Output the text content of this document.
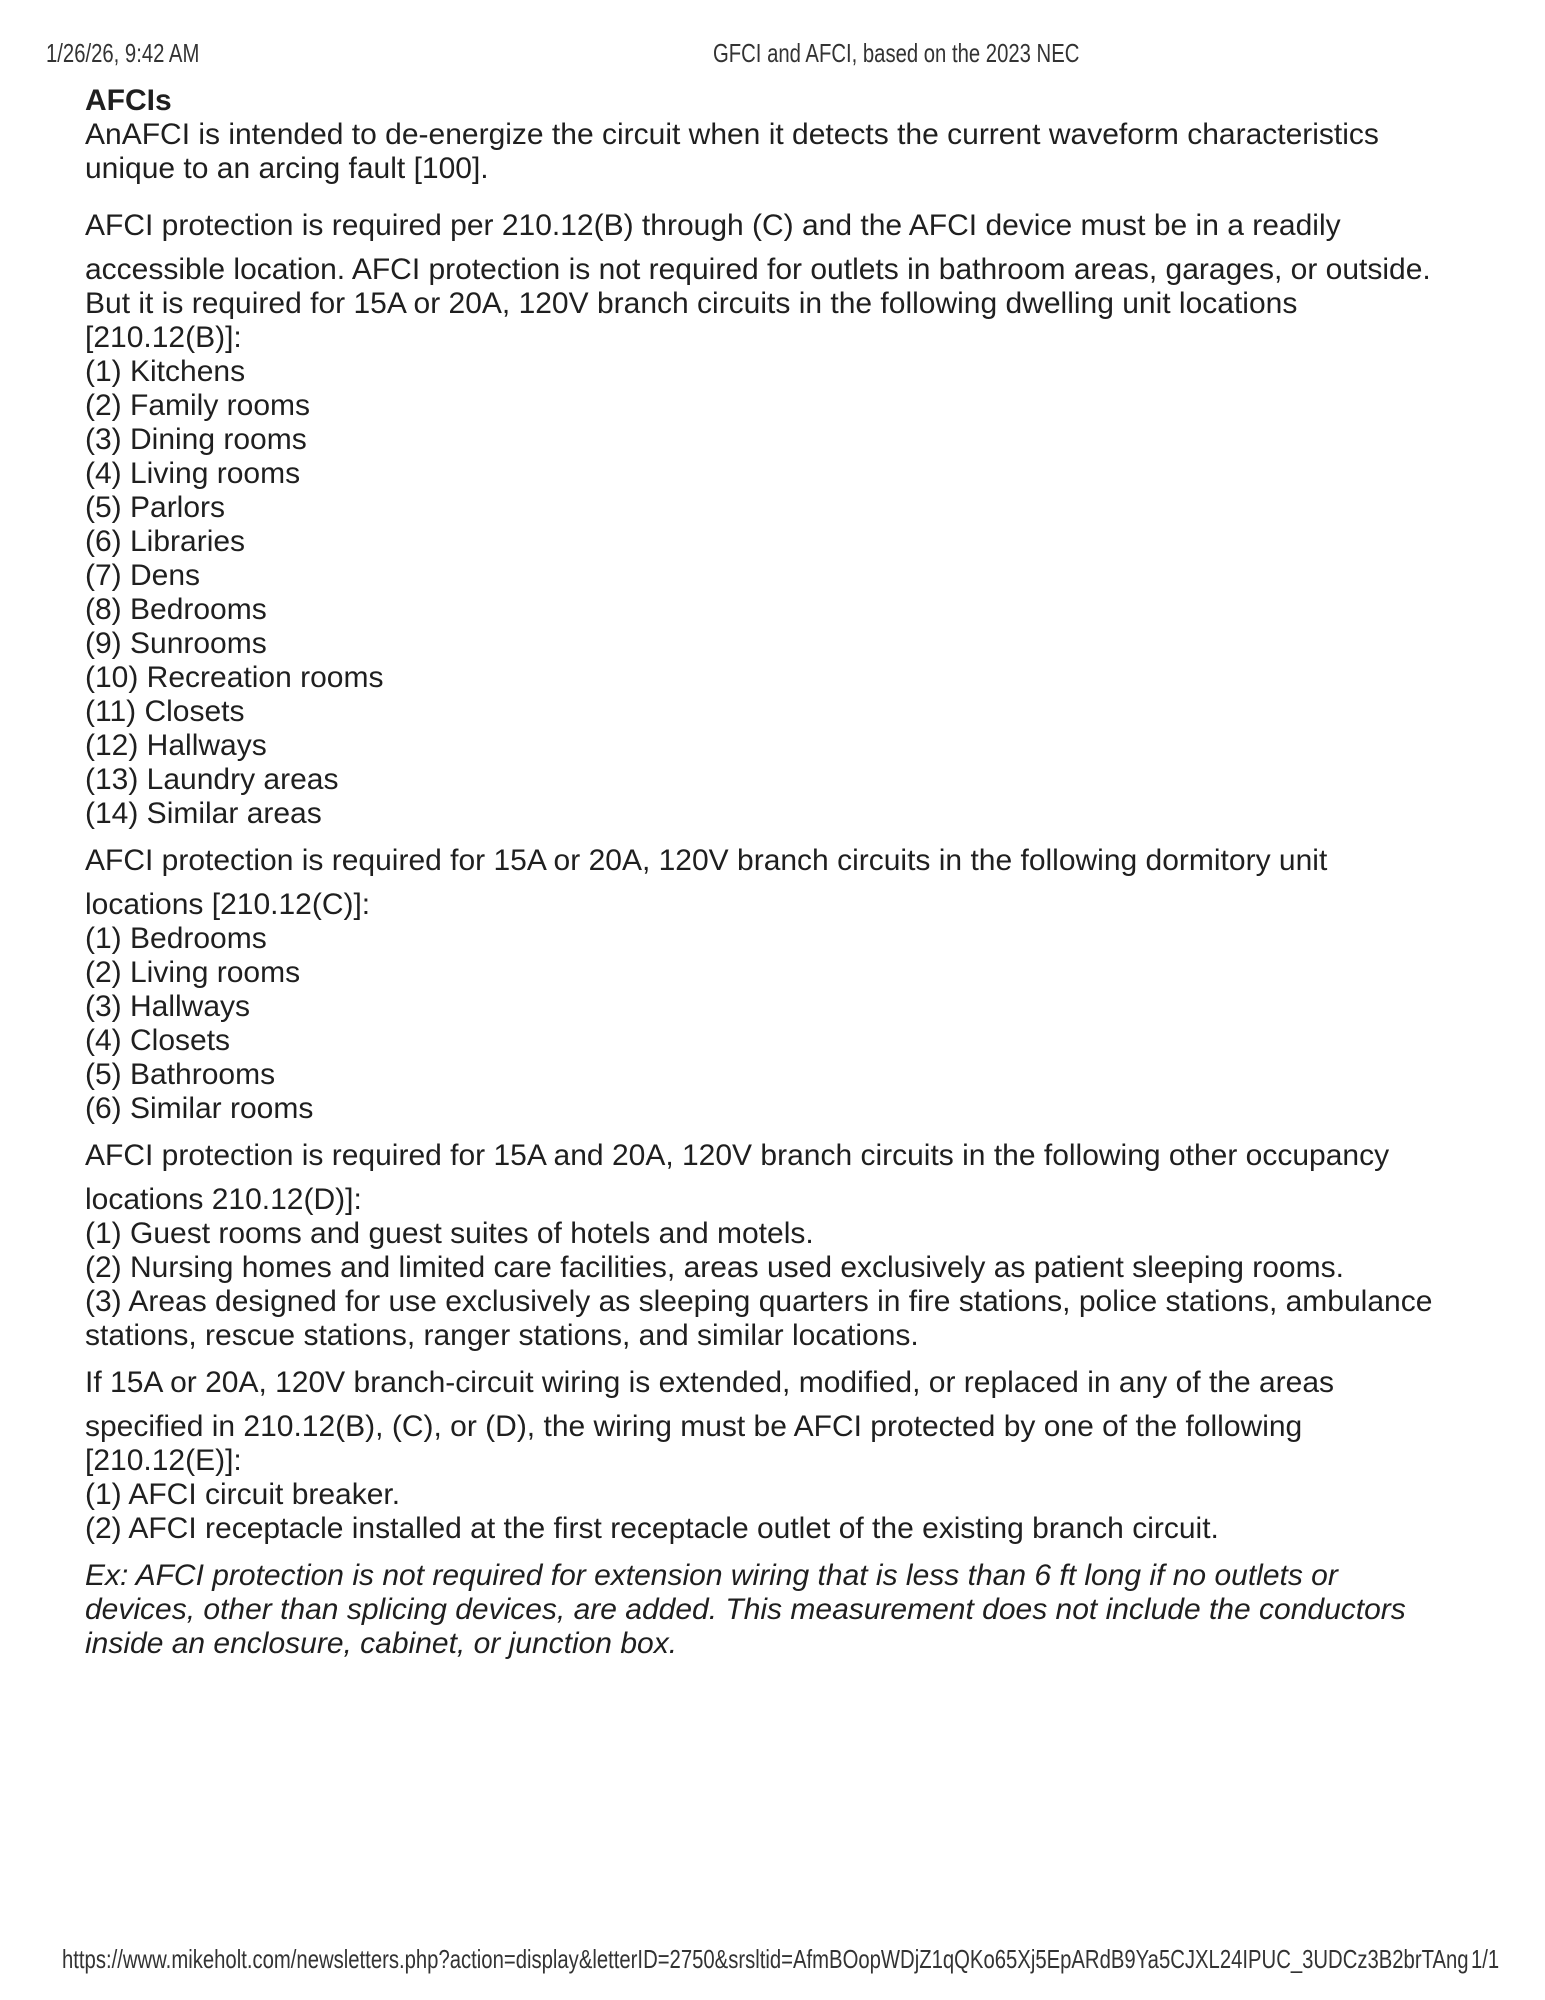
1/26/26, 9:42 AM	GFCI and AFCI, based on the 2023 NEC
AFCIs
AnAFCI is intended to de-energize the circuit when it detects the current waveform characteristics
unique to an arcing fault [100].
AFCI protection is required per 210.12(B) through (C) and the AFCI device must be in a readily
accessible location. AFCI protection is not required for outlets in bathroom areas, garages, or outside.
But it is required for 15A or 20A, 120V branch circuits in the following dwelling unit locations
[210.12(B)]:
(1) Kitchens
(2) Family rooms
(3) Dining rooms
(4) Living rooms
(5) Parlors
(6) Libraries
(7) Dens
(8) Bedrooms
(9) Sunrooms
(10) Recreation rooms
(11) Closets
(12) Hallways
(13) Laundry areas
(14) Similar areas
AFCI protection is required for 15A or 20A, 120V branch circuits in the following dormitory unit
locations [210.12(C)]:
(1) Bedrooms
(2) Living rooms
(3) Hallways
(4) Closets
(5) Bathrooms
(6) Similar rooms
AFCI protection is required for 15A and 20A, 120V branch circuits in the following other occupancy
locations 210.12(D)]:
(1) Guest rooms and guest suites of hotels and motels.
(2) Nursing homes and limited care facilities, areas used exclusively as patient sleeping rooms.
(3) Areas designed for use exclusively as sleeping quarters in fire stations, police stations, ambulance
stations, rescue stations, ranger stations, and similar locations.
If 15A or 20A, 120V branch-circuit wiring is extended, modified, or replaced in any of the areas
specified in 210.12(B), (C), or (D), the wiring must be AFCI protected by one of the following
[210.12(E)]:
(1) AFCI circuit breaker.
(2) AFCI receptacle installed at the first receptacle outlet of the existing branch circuit.
Ex: AFCI protection is not required for extension wiring that is less than 6 ft long if no outlets or
devices, other than splicing devices, are added. This measurement does not include the conductors
inside an enclosure, cabinet, or junction box.
https://www.mikeholt.com/newsletters.php?action=display&letterID=2750&srsltid=AfmBOopWDjZ1qQKo65Xj5EpARdB9Ya5CJXL24IPUC_3UDCz3B2brTAng 1/1
